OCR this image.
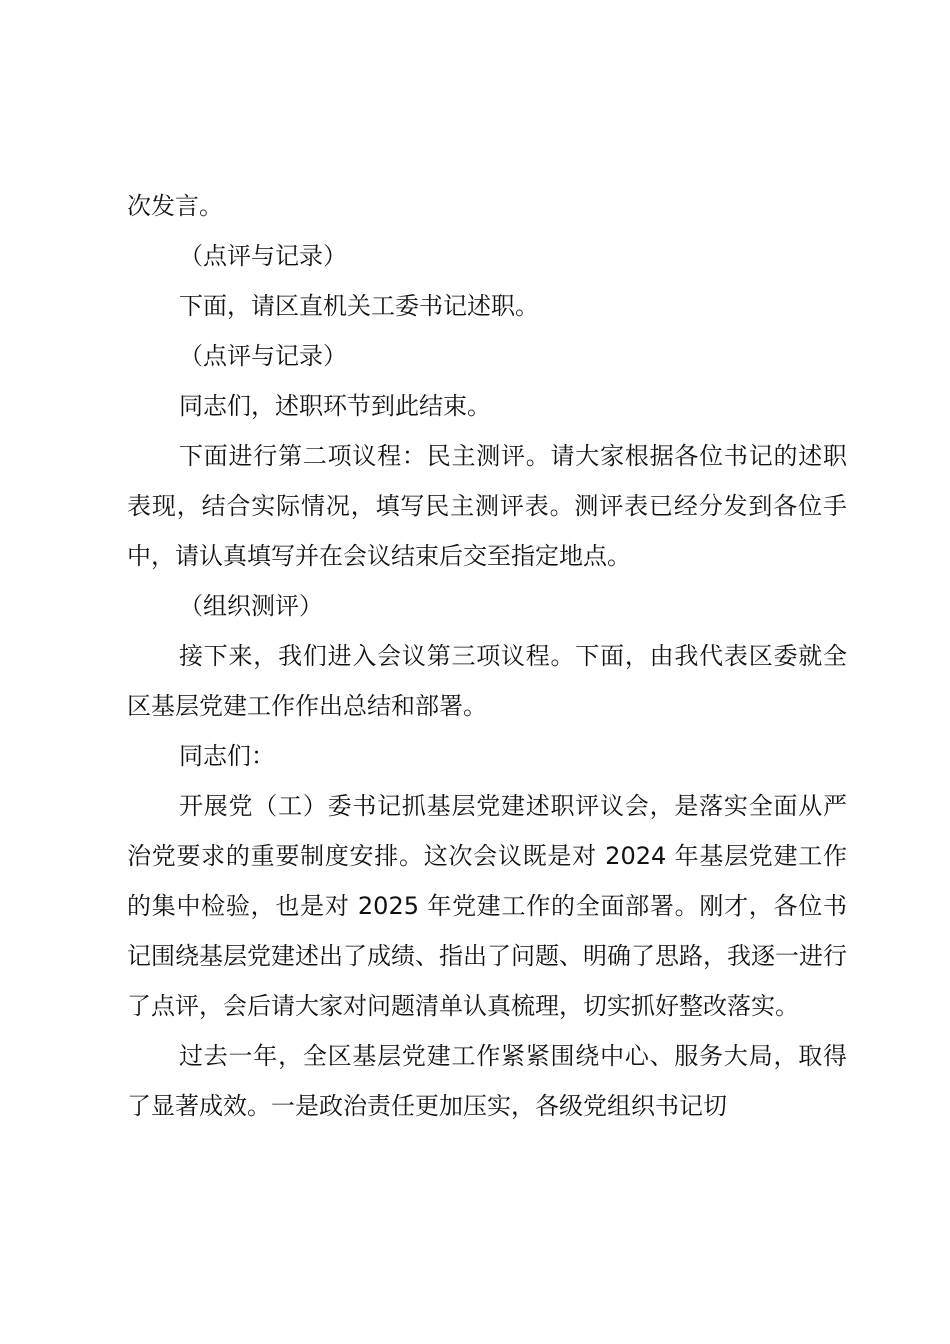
次发言。

（点评与记录）

下面，请区直机关工委书记述职。

（点评与记录）

同志们，述职环节到此结束。

下面进行第二项议程：民主测评。请大家根据各位书记的述职表现，结合实际情况，填写民主测评表。测评表已经分发到各位手中，请认真填写并在会议结束后交至指定地点。

（组织测评）

接下来，我们进入会议第三项议程。下面，由我代表区委就全区基层党建工作作出总结和部署。

同志们：

开展党（工）委书记抓基层党建述职评议会，是落实全面从严治党要求的重要制度安排。这次会议既是对 2024 年基层党建工作的集中检验，也是对 2025 年党建工作的全面部署。刚才，各位书记围绕基层党建述出了成绩、指出了问题、明确了思路，我逐一进行了点评，会后请大家对问题清单认真梳理，切实抓好整改落实。

过去一年，全区基层党建工作紧紧围绕中心、服务大局，取得了显著成效。一是政治责任更加压实，各级党组织书记切
